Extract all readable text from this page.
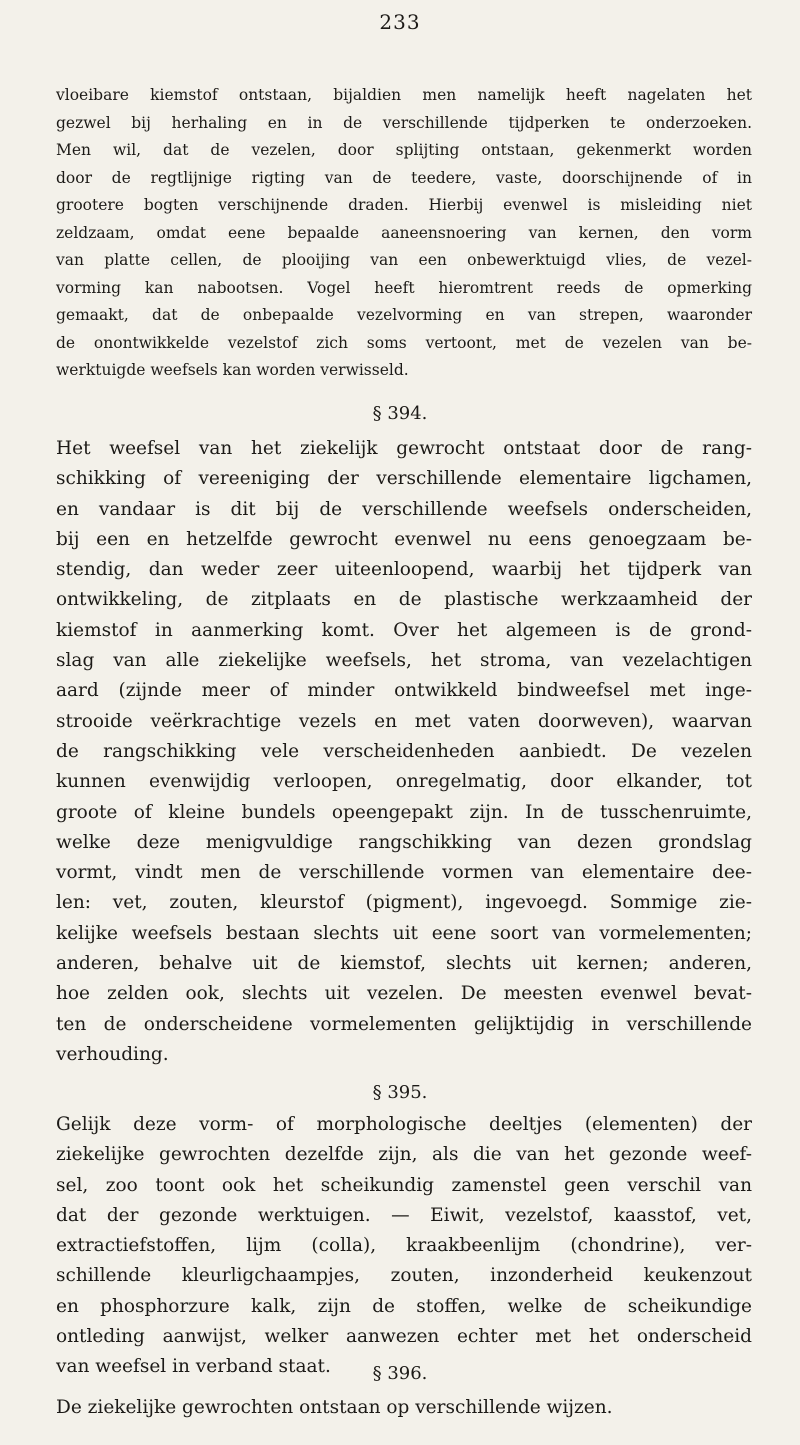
233
vloeibare kiemstof ontstaan, bijaldien men namelijk heeft nagelaten het
gezwel bij herhaling en in de verschillende tijdperken te onderzoeken.
Men wil, dat de vezelen, door splijting ontstaan, gekenmerkt worden
door de regtlijnige rigting van de teedere, vaste, doorschijnende of in
grootere bogten verschijnende draden. Hierbij evenwel is misleiding niet
zeldzaam, omdat eene bepaalde aaneensnoering van kernen, den vorm
van platte cellen, de plooijing van een onbewerktuigd vlies, de vezel-
vorming kan nabootsen. Vogel heeft hieromtrent reeds de opmerking
gemaakt, dat de onbepaalde vezelvorming en van strepen, waaronder
de onontwikkelde vezelstof zich soms vertoont, met de vezelen van be-
werktuigde weefsels kan worden verwisseld.
§ 394.
Het weefsel van het ziekelijk gewrocht ontstaat door de rang-
schikking of vereeniging der verschillende elementaire ligchamen,
en vandaar is dit bij de verschillende weefsels onderscheiden,
bij een en hetzelfde gewrocht evenwel nu eens genoegzaam be-
stendig, dan weder zeer uiteenloopend, waarbij het tijdperk van
ontwikkeling, de zitplaats en de plastische werkzaamheid der
kiemstof in aanmerking komt. Over het algemeen is de grond-
slag van alle ziekelijke weefsels, het stroma, van vezelachtigen
aard (zijnde meer of minder ontwikkeld bindweefsel met inge-
strooide veërkrachtige vezels en met vaten doorweven), waarvan
de rangschikking vele verscheidenheden aanbiedt. De vezelen
kunnen evenwijdig verloopen, onregelmatig, door elkander, tot
groote of kleine bundels opeengepakt zijn. In de tusschenruimte,
welke deze menigvuldige rangschikking van dezen grondslag
vormt, vindt men de verschillende vormen van elementaire dee-
len: vet, zouten, kleurstof (pigment), ingevoegd. Sommige zie-
kelijke weefsels bestaan slechts uit eene soort van vormelementen;
anderen, behalve uit de kiemstof, slechts uit kernen; anderen,
hoe zelden ook, slechts uit vezelen. De meesten evenwel bevat-
ten de onderscheidene vormelementen gelijktijdig in verschillende
verhouding.
§ 395.
Gelijk deze vorm- of morphologische deeltjes (elementen) der
ziekelijke gewrochten dezelfde zijn, als die van het gezonde weef-
sel, zoo toont ook het scheikundig zamenstel geen verschil van
dat der gezonde werktuigen. — Eiwit, vezelstof, kaasstof, vet,
extractiefstoffen, lijm (colla), kraakbeenlijm (chondrine), ver-
schillende kleurligchaampjes, zouten, inzonderheid keukenzout
en phosphorzure kalk, zijn de stoffen, welke de scheikundige
ontleding aanwijst, welker aanwezen echter met het onderscheid
van weefsel in verband staat.	§ 396.
De ziekelijke gewrochten ontstaan op verschillende wijzen.
